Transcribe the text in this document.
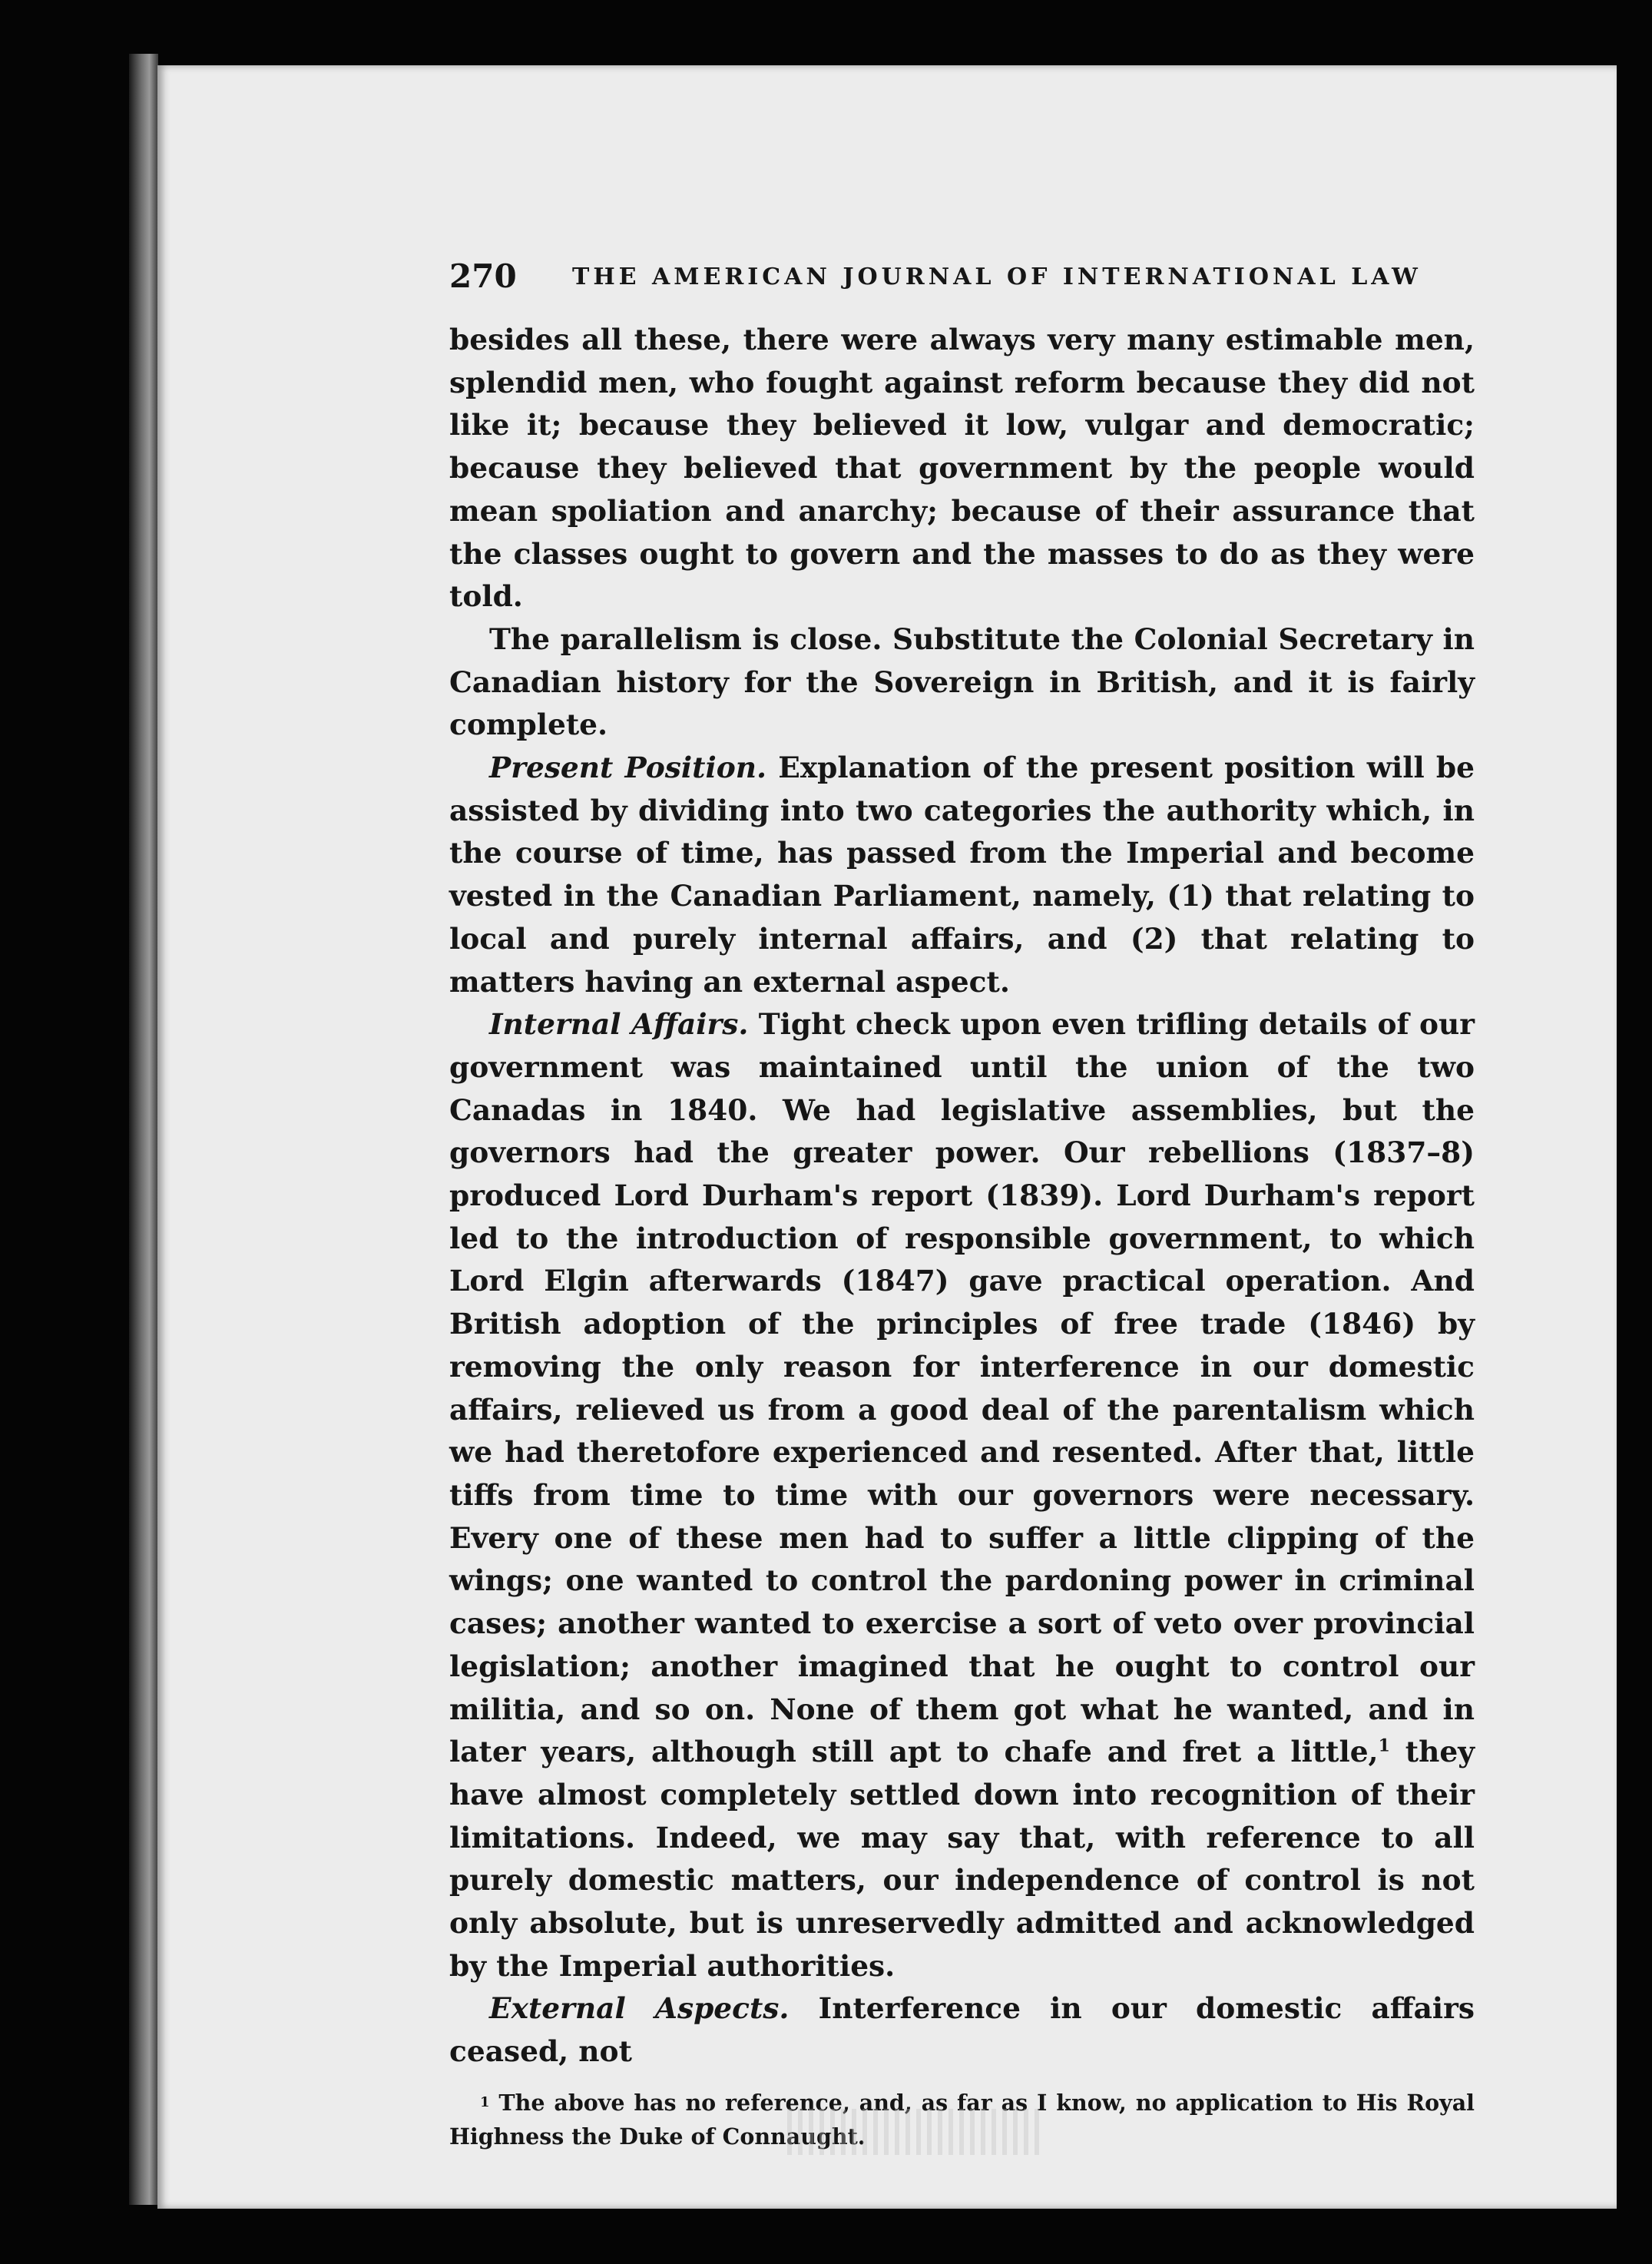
270 THE AMERICAN JOURNAL OF INTERNATIONAL LAW

besides all these, there were always very many estimable men, splendid men, who fought against reform because they did not like it; because they believed it low, vulgar and democratic; because they believed that government by the people would mean spoliation and anarchy; because of their assurance that the classes ought to govern and the masses to do as they were told.

The parallelism is close. Substitute the Colonial Secretary in Canadian history for the Sovereign in British, and it is fairly complete.

Present Position. Explanation of the present position will be assisted by dividing into two categories the authority which, in the course of time, has passed from the Imperial and become vested in the Canadian Parliament, namely, (1) that relating to local and purely internal affairs, and (2) that relating to matters having an external aspect.

Internal Affairs. Tight check upon even trifling details of our government was maintained until the union of the two Canadas in 1840. We had legislative assemblies, but the governors had the greater power. Our rebellions (1837–8) produced Lord Durham's report (1839). Lord Durham's report led to the introduction of responsible government, to which Lord Elgin afterwards (1847) gave practical operation. And British adoption of the principles of free trade (1846) by removing the only reason for interference in our domestic affairs, relieved us from a good deal of the parentalism which we had theretofore experienced and resented. After that, little tiffs from time to time with our governors were necessary. Every one of these men had to suffer a little clipping of the wings; one wanted to control the pardoning power in criminal cases; another wanted to exercise a sort of veto over provincial legislation; another imagined that he ought to control our militia, and so on. None of them got what he wanted, and in later years, although still apt to chafe and fret a little,$^1$ they have almost completely settled down into recognition of their limitations. Indeed, we may say that, with reference to all purely domestic matters, our independence of control is not only absolute, but is unreservedly admitted and acknowledged by the Imperial authorities.

External Aspects. Interference in our domestic affairs ceased, not

$^1$ The above has no reference, and, as far as I know, no application to His Royal Highness the Duke of Connaught.
